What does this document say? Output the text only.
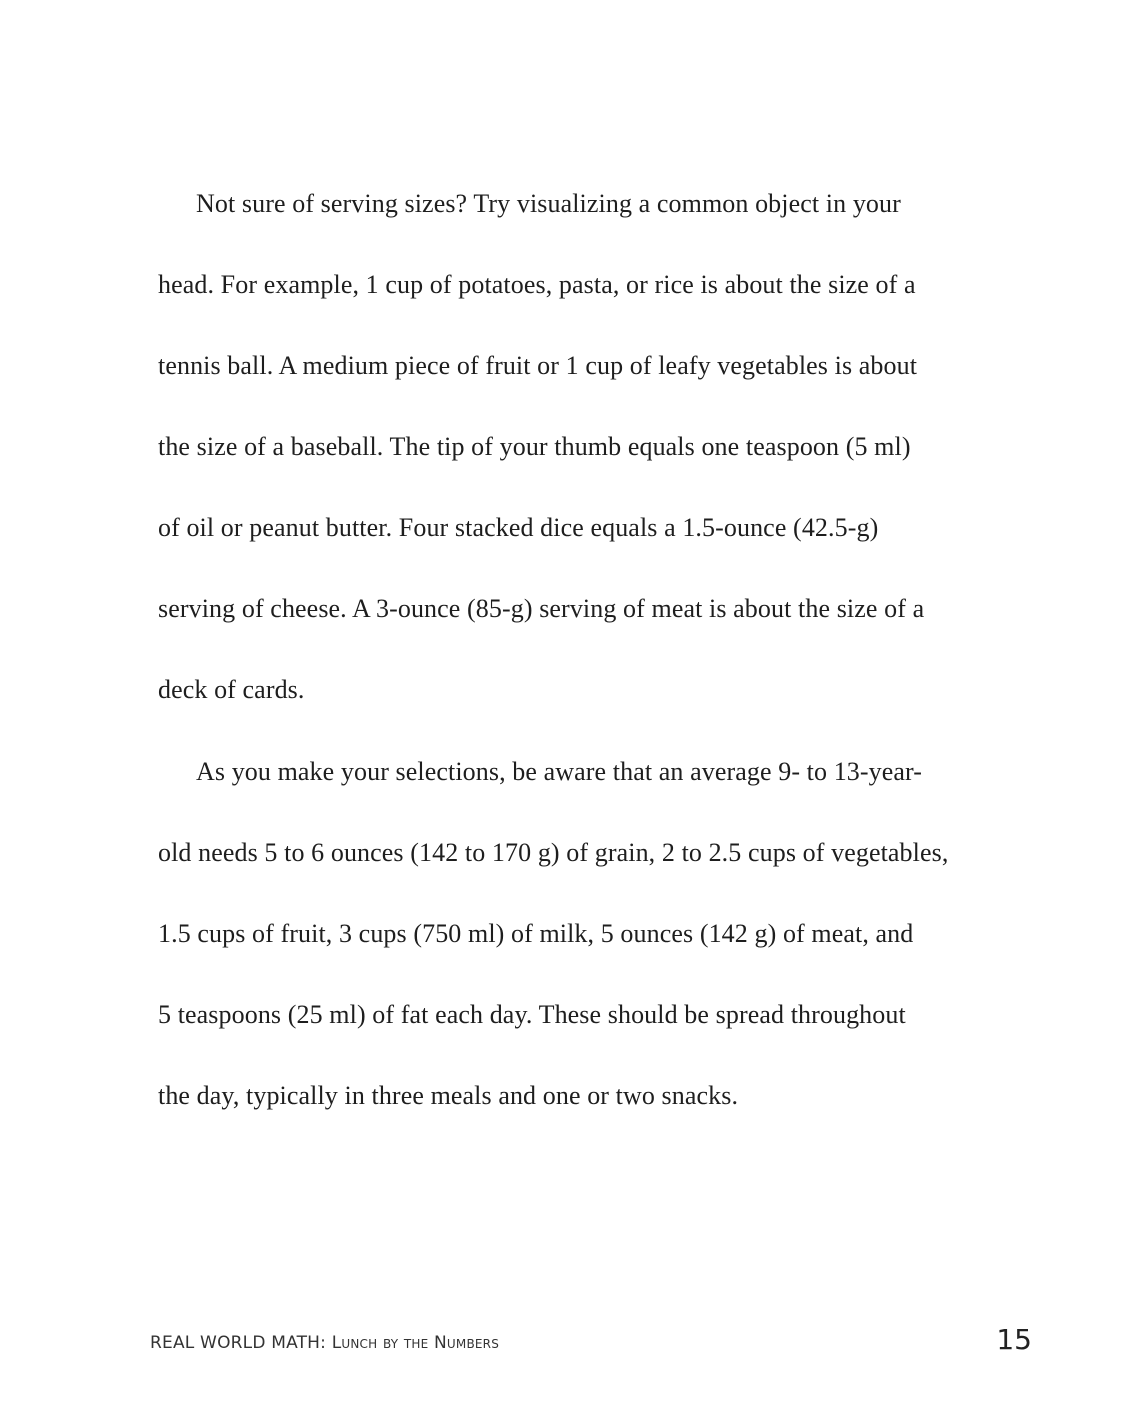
Not sure of serving sizes? Try visualizing a common object in your
head. For example, 1 cup of potatoes, pasta, or rice is about the size of a
tennis ball. A medium piece of fruit or 1 cup of leafy vegetables is about
the size of a baseball. The tip of your thumb equals one teaspoon (5 ml)
of oil or peanut butter. Four stacked dice equals a 1.5-ounce (42.5-g)
serving of cheese. A 3-ounce (85-g) serving of meat is about the size of a
deck of cards.
As you make your selections, be aware that an average 9- to 13-year-
old needs 5 to 6 ounces (142 to 170 g) of grain, 2 to 2.5 cups of vegetables,
1.5 cups of fruit, 3 cups (750 ml) of milk, 5 ounces (142 g) of meat, and
5 teaspoons (25 ml) of fat each day. These should be spread throughout
the day, typically in three meals and one or two snacks.
REAL WORLD MATH: Lunch by the Numbers	15
